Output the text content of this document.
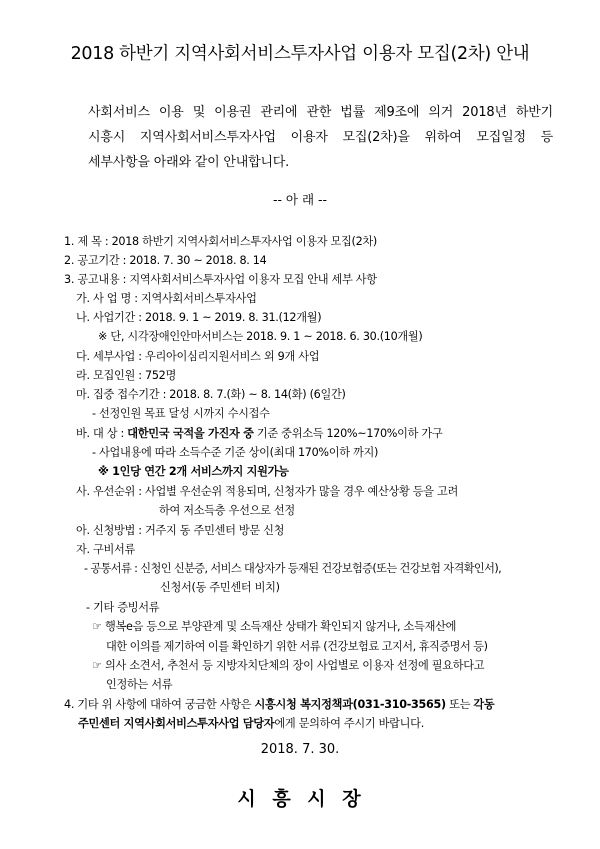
2018 하반기 지역사회서비스투자사업 이용자 모집(2차) 안내
사회서비스 이용 및 이용권 관리에 관한 법률 제9조에 의거 2018년 하반기
시흥시 지역사회서비스투자사업 이용자 모집(2차)을 위하여 모집일정 등
세부사항을 아래와 같이 안내합니다.
-- 아 래 --
1. 제 목 : 2018 하반기 지역사회서비스투자사업 이용자 모집(2차)
2. 공고기간 : 2018. 7. 30 ~ 2018. 8. 14
3. 공고내용 : 지역사회서비스투자사업 이용자 모집 안내 세부 사항
가. 사 업 명 : 지역사회서비스투자사업
나. 사업기간 : 2018. 9. 1 ~ 2019. 8. 31.(12개월)
※ 단, 시각장애인안마서비스는 2018. 9. 1 ~ 2018. 6. 30.(10개월)
다. 세부사업 : 우리아이심리지원서비스 외 9개 사업
라. 모집인원 : 752명
마. 집중 접수기간 : 2018. 8. 7.(화) ~ 8. 14(화) (6일간)
- 선정인원 목표 달성 시까지 수시접수
바. 대 상 : 대한민국 국적을 가진자 중 기준 중위소득 120%~170%이하 가구
- 사업내용에 따라 소득수준 기준 상이(최대 170%이하 까지)
※ 1인당 연간 2개 서비스까지 지원가능
사. 우선순위 : 사업별 우선순위 적용되며, 신청자가 많을 경우 예산상황 등을 고려
하여 저소득층 우선으로 선정
아. 신청방법 : 거주지 동 주민센터 방문 신청
자. 구비서류
- 공통서류 : 신청인 신분증, 서비스 대상자가 등재된 건강보험증(또는 건강보험 자격확인서),
신청서(동 주민센터 비치)
- 기타 증빙서류
☞ 행복e음 등으로 부양관계 및 소득재산 상태가 확인되지 않거나, 소득재산에
대한 이의를 제기하여 이를 확인하기 위한 서류 (건강보험료 고지서, 휴직증명서 등)
☞ 의사 소견서, 추천서 등 지방자치단체의 장이 사업별로 이용자 선정에 필요하다고
인정하는 서류
4. 기타 위 사항에 대하여 궁금한 사항은 시흥시청 복지정책과(031-310-3565) 또는 각동
주민센터 지역사회서비스투자사업 담당자에게 문의하여 주시기 바랍니다.
2018. 7. 30.
시 흥 시 장
